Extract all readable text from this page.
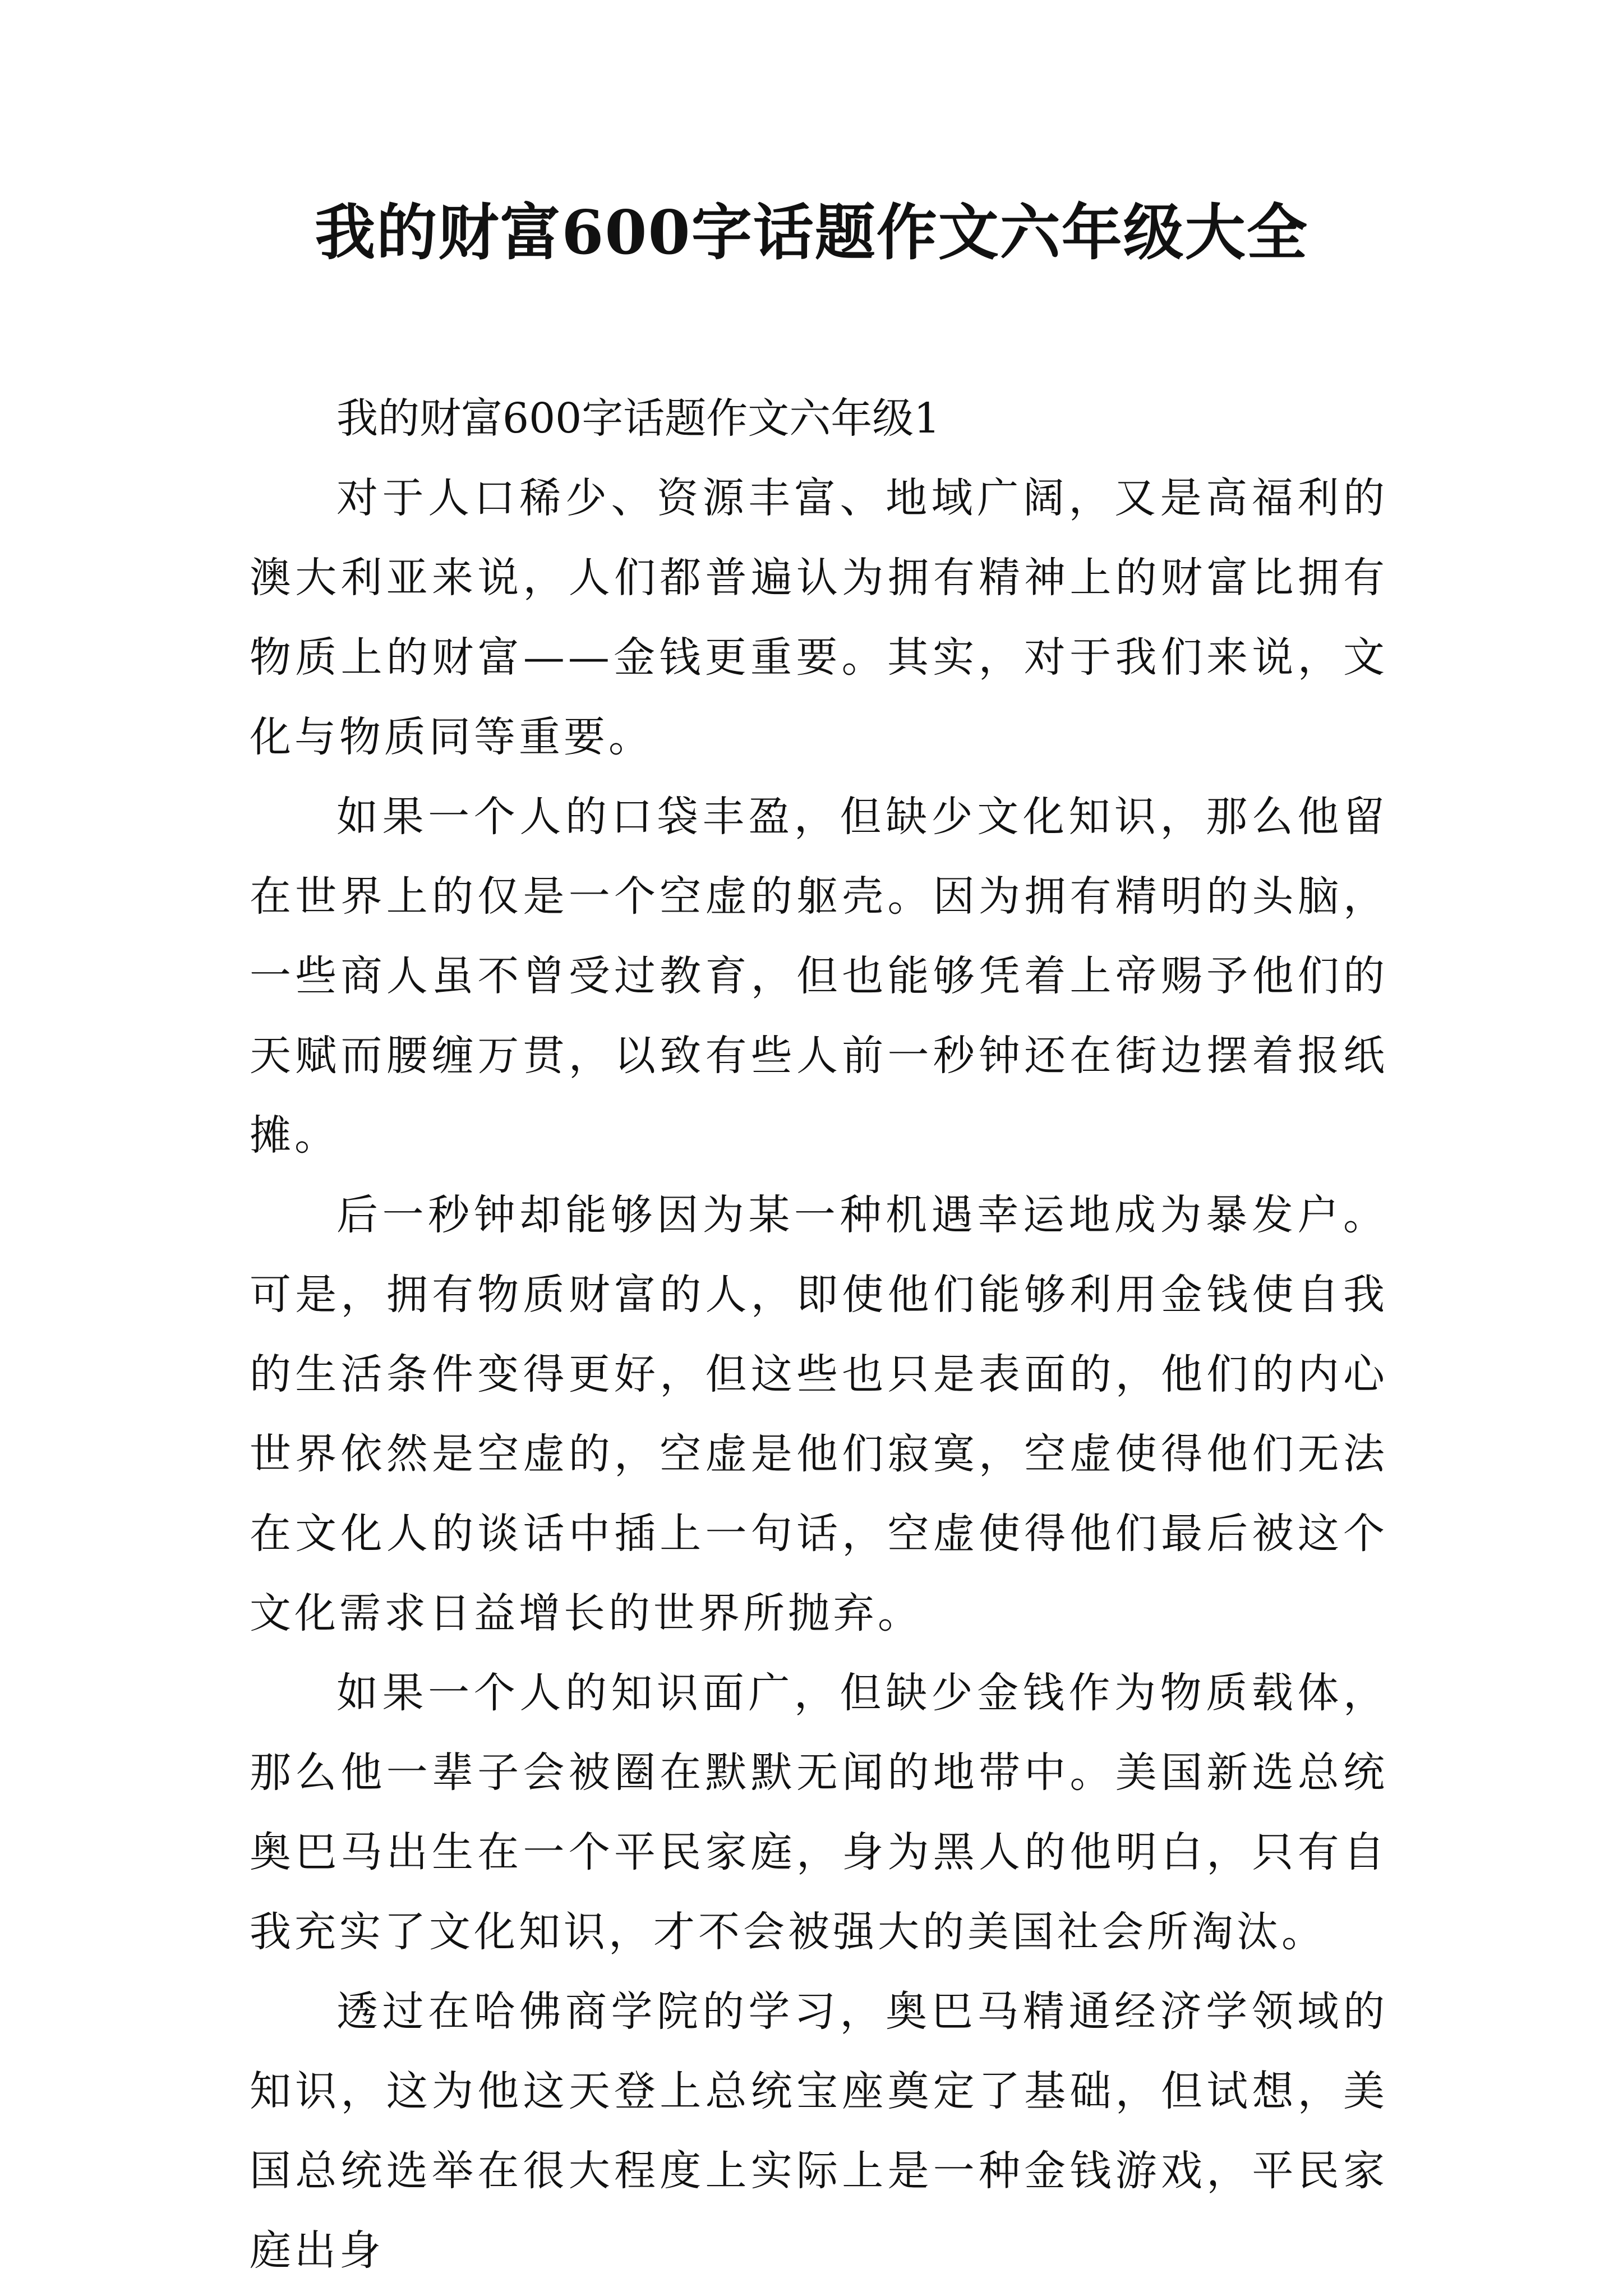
我的财富600字话题作文六年级大全

我的财富600字话题作文六年级1

对于人口稀少、资源丰富、地域广阔，又是高福利的澳大利亚来说，人们都普遍认为拥有精神上的财富比拥有物质上的财富——金钱更重要。其实，对于我们来说，文化与物质同等重要。

如果一个人的口袋丰盈，但缺少文化知识，那么他留在世界上的仅是一个空虚的躯壳。因为拥有精明的头脑，一些商人虽不曾受过教育，但也能够凭着上帝赐予他们的天赋而腰缠万贯，以致有些人前一秒钟还在街边摆着报纸摊。

后一秒钟却能够因为某一种机遇幸运地成为暴发户。可是，拥有物质财富的人，即使他们能够利用金钱使自我的生活条件变得更好，但这些也只是表面的，他们的内心世界依然是空虚的，空虚是他们寂寞，空虚使得他们无法在文化人的谈话中插上一句话，空虚使得他们最后被这个文化需求日益增长的世界所抛弃。

如果一个人的知识面广，但缺少金钱作为物质载体，那么他一辈子会被圈在默默无闻的地带中。美国新选总统奥巴马出生在一个平民家庭，身为黑人的他明白，只有自我充实了文化知识，才不会被强大的美国社会所淘汰。

透过在哈佛商学院的学习，奥巴马精通经济学领域的知识，这为他这天登上总统宝座奠定了基础，但试想，美国总统选举在很大程度上实际上是一种金钱游戏，平民家庭出身
